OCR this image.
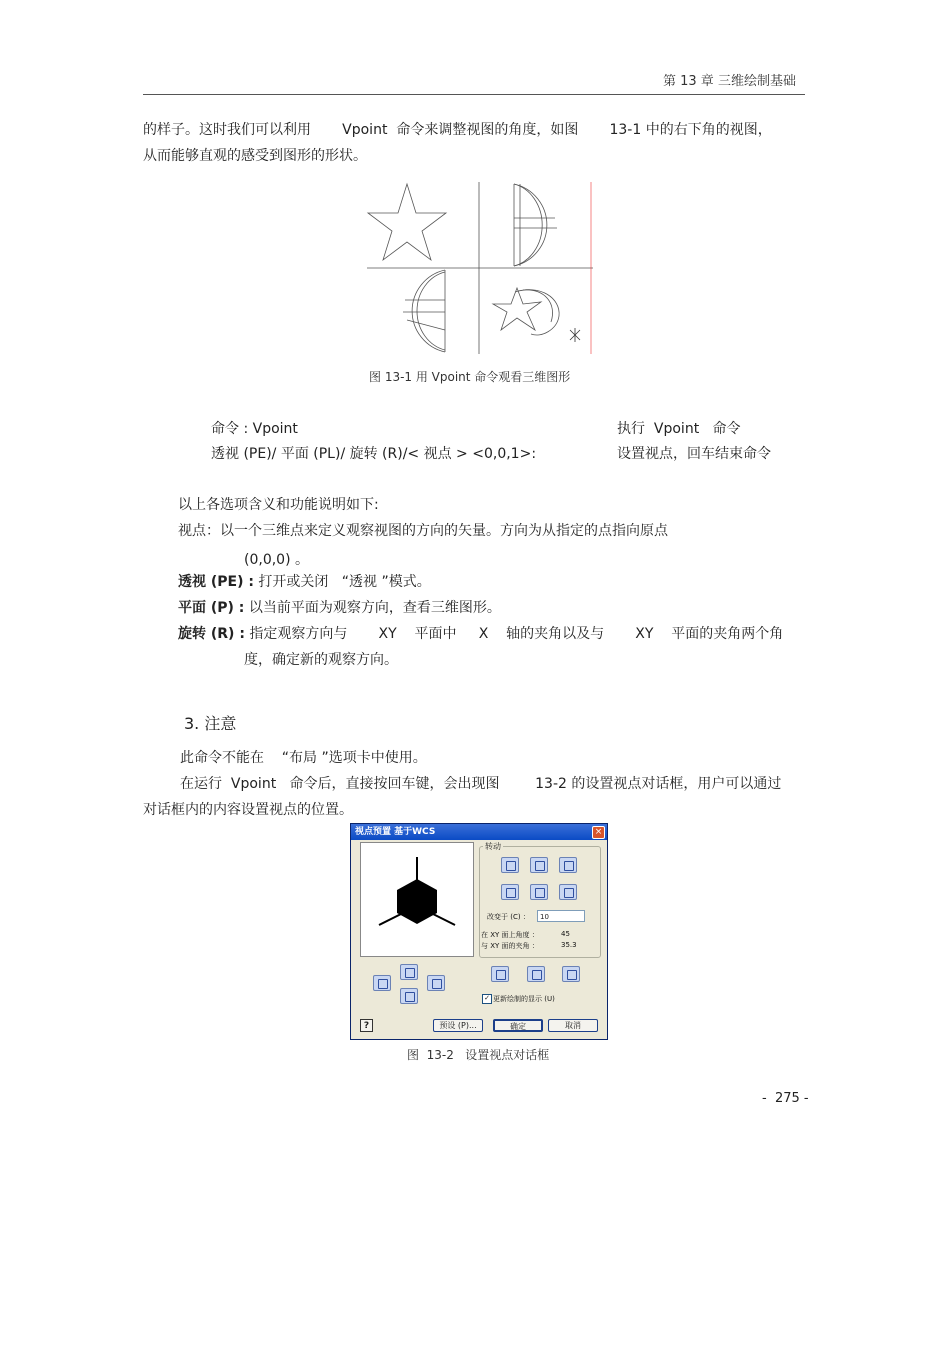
第 13 章 三维绘制基础
的样子。这时我们可以利用       Vpoint  命令来调整视图的角度，如图       13-1 中的右下角的视图，
从而能够直观的感受到图形的形状。
图 13-1 用 Vpoint 命令观看三维图形
命令 : Vpoint	执行  Vpoint   命令
透视 (PE)/ 平面 (PL)/ 旋转 (R)/< 视点 > <0,0,1>:	设置视点，回车结束命令
以上各选项含义和功能说明如下:
视点：以一个三维点来定义观察视图的方向的矢量。方向为从指定的点指向原点
(0,0,0) 。
透视 (PE) : 打开或关闭   “透视 ”模式。
平面 (P) : 以当前平面为观察方向，查看三维图形。
旋转 (R) : 指定观察方向与       XY    平面中     X    轴的夹角以及与       XY    平面的夹角两个角
度，确定新的观察方向。
3. 注意
此命令不能在    “布局 ”选项卡中使用。
在运行  Vpoint   命令后，直接按回车键，会出现图        13-2 的设置视点对话框，用户可以通过
对话框内的内容设置视点的位置。
视点预置 基于WCS	×
转动
改变于 (C) ：	10
在 XY 面上角度 ：	45
与 XY 面的夹角 ：	35.3
✓ 更新绘制的显示 (U)
?	预设 (P)...	确定	取消
图  13-2   设置视点对话框
-  275 -
